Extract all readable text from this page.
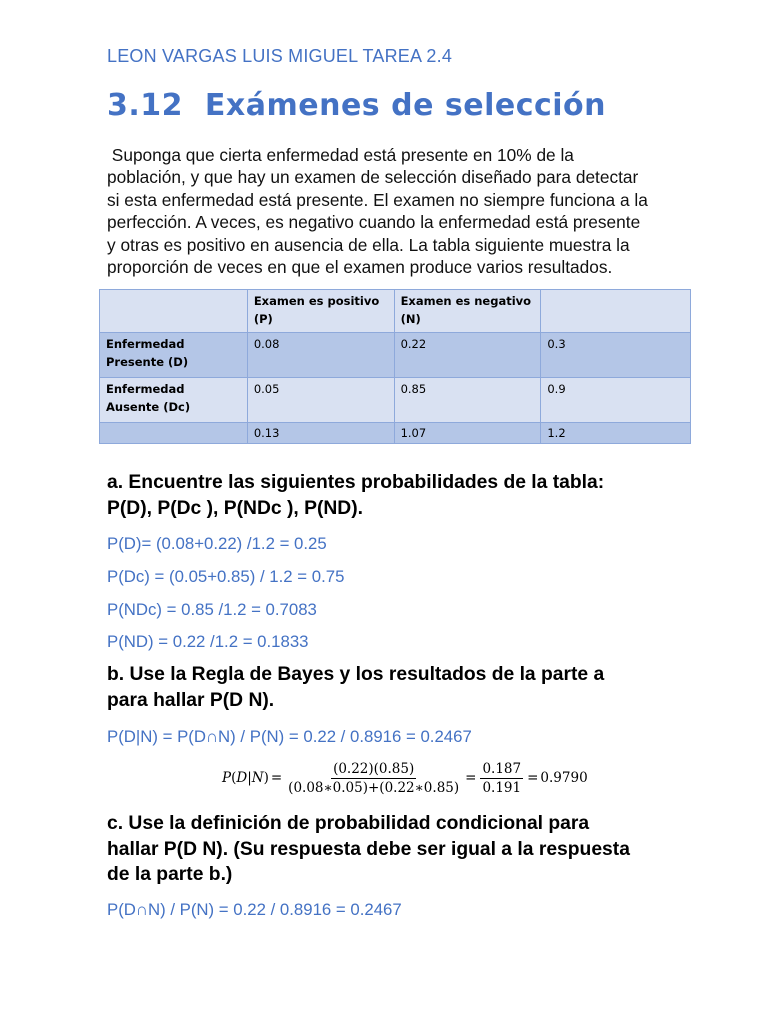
LEON VARGAS LUIS MIGUEL TAREA 2.4
3.12  Exámenes de selección
Suponga que cierta enfermedad está presente en 10% de la
población, y que hay un examen de selección diseñado para detectar
si esta enfermedad está presente. El examen no siempre funciona a la
perfección. A veces, es negativo cuando la enfermedad está presente
y otras es positivo en ausencia de ella. La tabla siguiente muestra la
proporción de veces en que el examen produce varios resultados.
	Examen es positivo (P)	Examen es negativo (N)	
Enfermedad Presente (D)	0.08	0.22	0.3
Enfermedad Ausente (Dc)	0.05	0.85	0.9
	0.13	1.07	1.2
a. Encuentre las siguientes probabilidades de la tabla:
P(D), P(Dc ), P(NDc ), P(ND).
P(D)= (0.08+0.22) /1.2 = 0.25
P(Dc) = (0.05+0.85) / 1.2 = 0.75
P(NDc) = 0.85 /1.2 = 0.7083
P(ND) = 0.22 /1.2 = 0.1833
b. Use la Regla de Bayes y los resultados de la parte a
para hallar P(D N).
P(D|N) = P(D∩N) / P(N) = 0.22 / 0.8916 = 0.2467
P ( D | N ) = $\frac{(0.22)(0.85)}{(0.08∗0.05)+(0.22∗0.85)} = \frac{0.187}{0.191} = 0.9790$
c. Use la definición de probabilidad condicional para
hallar P(D N). (Su respuesta debe ser igual a la respuesta
de la parte b.)
P(D∩N) / P(N) = 0.22 / 0.8916 = 0.2467
